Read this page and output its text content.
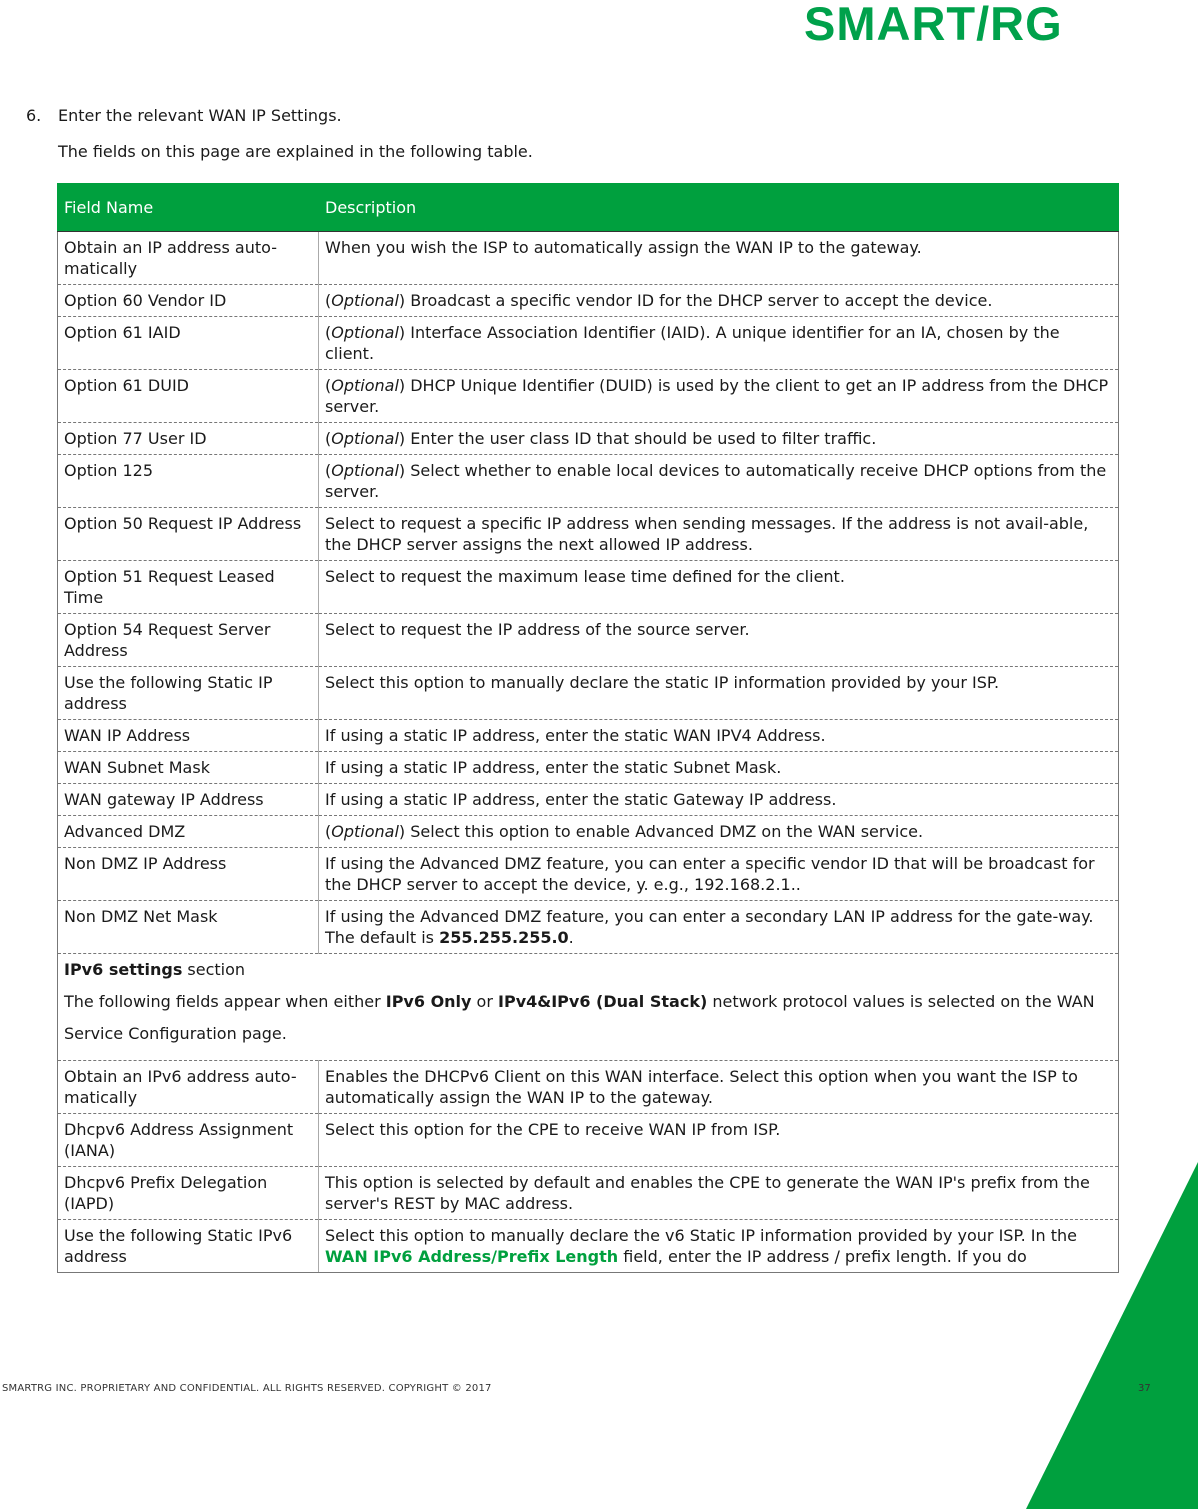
SMART/RG
6. Enter the relevant WAN IP Settings.
The fields on this page are explained in the following table.
Field Name	Description
Obtain an IP address auto-matically	When you wish the ISP to automatically assign the WAN IP to the gateway.
Option 60 Vendor ID	(Optional) Broadcast a specific vendor ID for the DHCP server to accept the device.
Option 61 IAID	(Optional) Interface Association Identifier (IAID). A unique identifier for an IA, chosen by the client.
Option 61 DUID	(Optional) DHCP Unique Identifier (DUID) is used by the client to get an IP address from the DHCP server.
Option 77 User ID	(Optional) Enter the user class ID that should be used to filter traffic.
Option 125	(Optional) Select whether to enable local devices to automatically receive DHCP options from the server.
Option 50 Request IP Address	Select to request a specific IP address when sending messages. If the address is not avail-able, the DHCP server assigns the next allowed IP address.
Option 51 Request Leased Time	Select to request the maximum lease time defined for the client.
Option 54 Request Server Address	Select to request the IP address of the source server.
Use the following Static IP address	Select this option to manually declare the static IP information provided by your ISP.
WAN IP Address	If using a static IP address, enter the static WAN IPV4 Address.
WAN Subnet Mask	If using a static IP address, enter the static Subnet Mask.
WAN gateway IP Address	If using a static IP address, enter the static Gateway IP address.
Advanced DMZ	(Optional) Select this option to enable Advanced DMZ on the WAN service.
Non DMZ IP Address	If using the Advanced DMZ feature, you can enter a specific vendor ID that will be broadcast for the DHCP server to accept the device, y. e.g., 192.168.2.1..
Non DMZ Net Mask	If using the Advanced DMZ feature, you can enter a secondary LAN IP address for the gate-way. The default is 255.255.255.0.

IPv6 settings section
The following fields appear when either IPv6 Only or IPv4&IPv6 (Dual Stack) network protocol values is selected on the WAN Service Configuration page.	

Obtain an IPv6 address auto-matically	Enables the DHCPv6 Client on this WAN interface. Select this option when you want the ISP to automatically assign the WAN IP to the gateway.
Dhcpv6 Address Assignment (IANA)	Select this option for the CPE to receive WAN IP from ISP.
Dhcpv6 Prefix Delegation (IAPD)	This option is selected by default and enables the CPE to generate the WAN IP's prefix from the server's REST by MAC address.
Use the following Static IPv6 address	Select this option to manually declare the v6 Static IP information provided by your ISP. In the WAN IPv6 Address/Prefix Length field, enter the IP address / prefix length. If you do
SMARTRG INC. PROPRIETARY AND CONFIDENTIAL. ALL RIGHTS RESERVED. COPYRIGHT © 2017	37
